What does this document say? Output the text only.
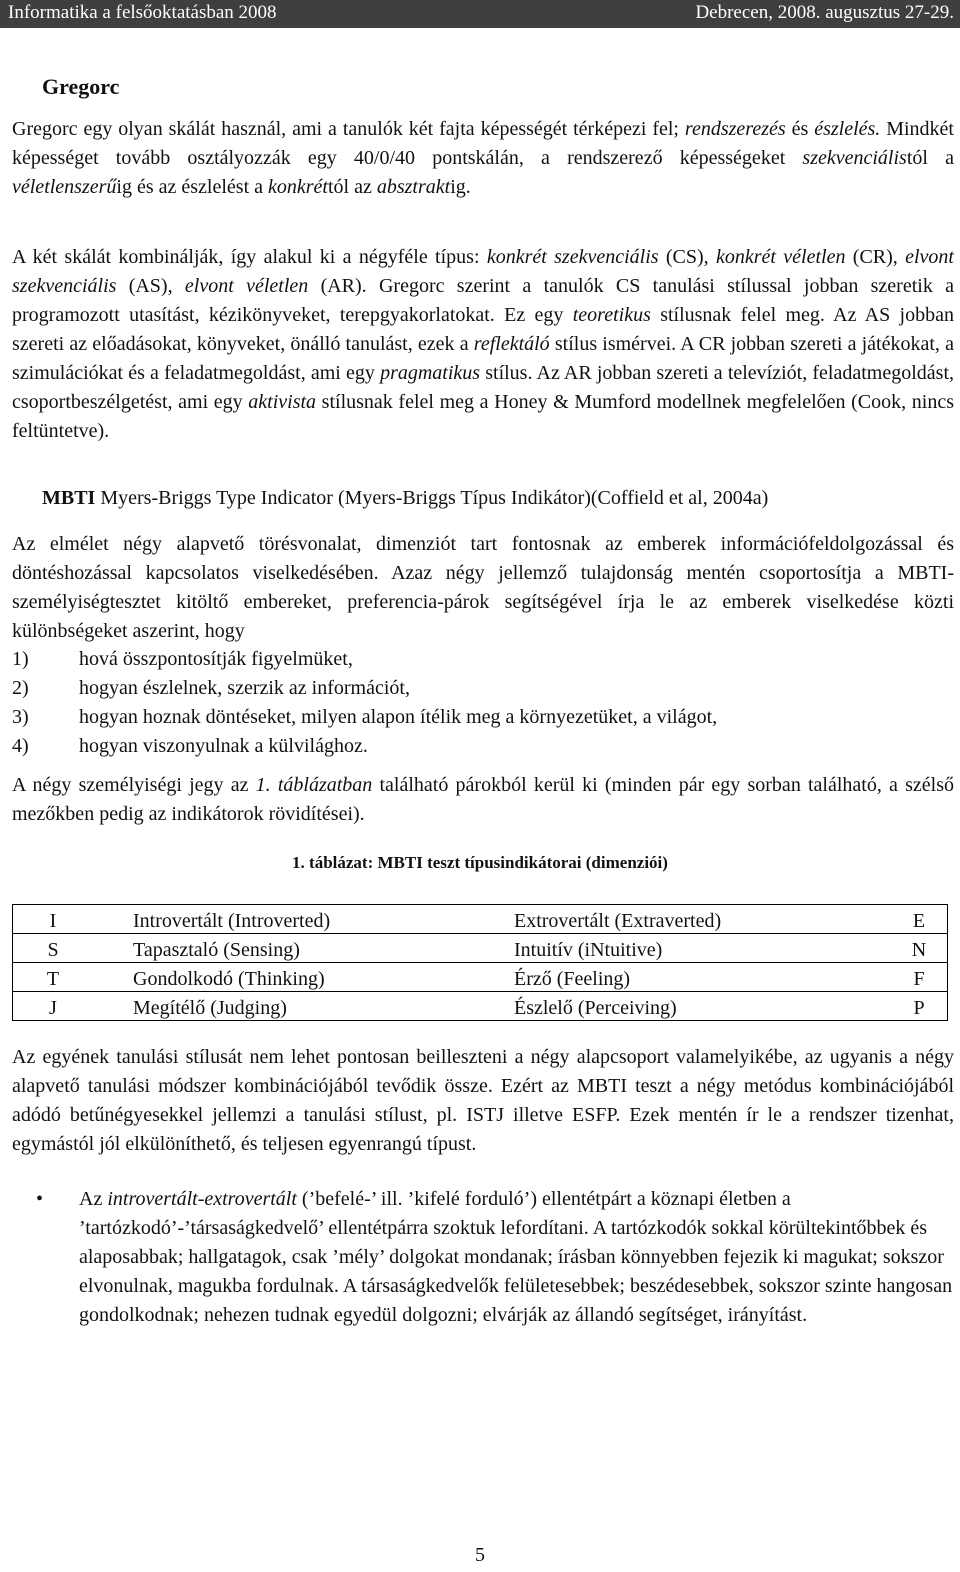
Informatika a felsőoktatásban 2008	Debrecen, 2008. augusztus 27-29.
Gregorc

Gregorc egy olyan skálát használ, ami a tanulók két fajta képességét térképezi fel; rendszerezés és észlelés. Mindkét képességet tovább osztályozzák egy 40/0/40 pontskálán, a rendszerező képességeket szekvenciálistól a véletlenszerűig és az észlelést a konkréttól az absztraktig.

A két skálát kombinálják, így alakul ki a négyféle típus: konkrét szekvenciális (CS), konkrét véletlen (CR), elvont szekvenciális (AS), elvont véletlen (AR). Gregorc szerint a tanulók CS tanulási stílussal jobban szeretik a programozott utasítást, kézikönyveket, terepgyakorlatokat. Ez egy teoretikus stílusnak felel meg. Az AS jobban szereti az előadásokat, könyveket, önálló tanulást, ezek a reflektáló stílus ismérvei. A CR jobban szereti a játékokat, a szimulációkat és a feladatmegoldást, ami egy pragmatikus stílus. Az AR jobban szereti a televíziót, feladatmegoldást, csoportbeszélgetést, ami egy aktivista stílusnak felel meg a Honey & Mumford modellnek megfelelően (Cook, nincs feltüntetve).

MBTI Myers-Briggs Type Indicator (Myers-Briggs Típus Indikátor)(Coffield et al, 2004a)

Az elmélet négy alapvető törésvonalat, dimenziót tart fontosnak az emberek információfeldolgozással és döntéshozással kapcsolatos viselkedésében. Azaz négy jellemző tulajdonság mentén csoportosítja a MBTI-személyiségtesztet kitöltő embereket, preferencia-párok segítségével írja le az emberek viselkedése közti különbségeket aszerint, hogy

1)	hová összpontosítják figyelmüket,
2)	hogyan észlelnek, szerzik az információt,
3)	hogyan hoznak döntéseket, milyen alapon ítélik meg a környezetüket, a világot,
4)	hogyan viszonyulnak a külvilághoz.

A négy személyiségi jegy az 1. táblázatban található párokból kerül ki (minden pár egy sorban található, a szélső mezőkben pedig az indikátorok rövidítései).

1. táblázat: MBTI teszt típusindikátorai (dimenziói)
I	Introvertált (Introverted)	Extrovertált (Extraverted)	E
S	Tapasztaló (Sensing)	Intuitív (iNtuitive)	N
T	Gondolkodó (Thinking)	Érző (Feeling)	F
J	Megítélő (Judging)	Észlelő (Perceiving)	P

Az egyének tanulási stílusát nem lehet pontosan beilleszteni a négy alapcsoport valamelyikébe, az ugyanis a négy alapvető tanulási módszer kombinációjából tevődik össze. Ezért az MBTI teszt a négy metódus kombinációjából adódó betűnégyesekkel jellemzi a tanulási stílust, pl. ISTJ illetve ESFP. Ezek mentén ír le a rendszer tizenhat, egymástól jól elkülöníthető, és teljesen egyenrangú típust.

•	Az introvertált-extrovertált (’befelé-’ ill. ’kifelé forduló’) ellentétpárt a köznapi életben a ’tartózkodó’-’társaságkedvelő’ ellentétpárra szoktuk lefordítani. A tartózkodók sokkal körültekintőbbek és alaposabbak; hallgatagok, csak ’mély’ dolgokat mondanak; írásban könnyebben fejezik ki magukat; sokszor elvonulnak, magukba fordulnak. A társaságkedvelők felületesebbek; beszédesebbek, sokszor szinte hangosan gondolkodnak; nehezen tudnak egyedül dolgozni; elvárják az állandó segítséget, irányítást.

5
